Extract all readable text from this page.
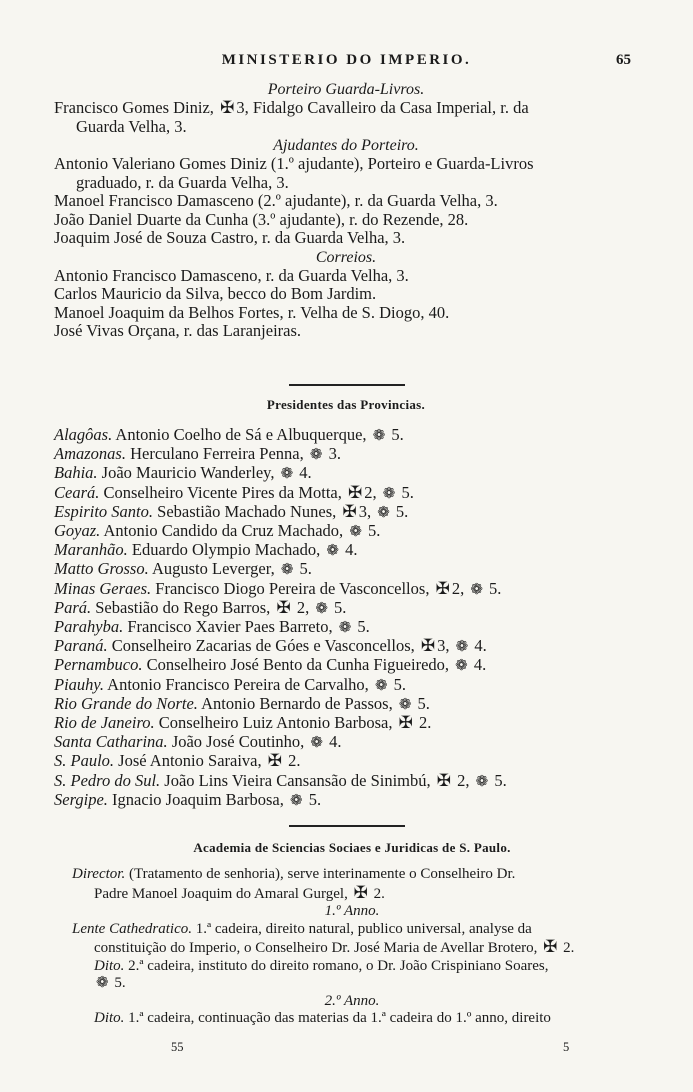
MINISTERIO DO IMPERIO.	65
Porteiro Guarda-Livros.
Francisco Gomes Diniz, ✠ 3, Fidalgo Cavalleiro da Casa Imperial, r. da
Guarda Velha, 3.
Ajudantes do Porteiro.
Antonio Valeriano Gomes Diniz (1.º ajudante), Porteiro e Guarda-Livros
graduado, r. da Guarda Velha, 3.
Manoel Francisco Damasceno (2.º ajudante), r. da Guarda Velha, 3.
João Daniel Duarte da Cunha (3.º ajudante), r. do Rezende, 28.
Joaquim José de Souza Castro, r. da Guarda Velha, 3.
Correios.
Antonio Francisco Damasceno, r. da Guarda Velha, 3.
Carlos Mauricio da Silva, becco do Bom Jardim.
Manoel Joaquim da Belhos Fortes, r. Velha de S. Diogo, 40.
José Vivas Orçana, r. das Laranjeiras.
Presidentes das Provincias.
Alagôas. Antonio Coelho de Sá e Albuquerque, ❁ 5.
Amazonas. Herculano Ferreira Penna, ❁ 3.
Bahia. João Mauricio Wanderley, ❁ 4.
Ceará. Conselheiro Vicente Pires da Motta, ✠ 2, ❁ 5.
Espirito Santo. Sebastião Machado Nunes, ✠ 3, ❁ 5.
Goyaz. Antonio Candido da Cruz Machado, ❁ 5.
Maranhão. Eduardo Olympio Machado, ❁ 4.
Matto Grosso. Augusto Leverger, ❁ 5.
Minas Geraes. Francisco Diogo Pereira de Vasconcellos, ✠ 2, ❁ 5.
Pará. Sebastião do Rego Barros, ✠ 2, ❁ 5.
Parahyba. Francisco Xavier Paes Barreto, ❁ 5.
Paraná. Conselheiro Zacarias de Góes e Vasconcellos, ✠ 3, ❁ 4.
Pernambuco. Conselheiro José Bento da Cunha Figueiredo, ❁ 4.
Piauhy. Antonio Francisco Pereira de Carvalho, ❁ 5.
Rio Grande do Norte. Antonio Bernardo de Passos, ❁ 5.
Rio de Janeiro. Conselheiro Luiz Antonio Barbosa, ✠ 2.
Santa Catharina. João José Coutinho, ❁ 4.
S. Paulo. José Antonio Saraiva, ✠ 2.
S. Pedro do Sul. João Lins Vieira Cansansão de Sinimbú, ✠ 2, ❁ 5.
Sergipe. Ignacio Joaquim Barbosa, ❁ 5.
Academia de Sciencias Sociaes e Juridicas de S. Paulo.
Director. (Tratamento de senhoria), serve interinamente o Conselheiro Dr.
Padre Manoel Joaquim do Amaral Gurgel, ✠ 2.
1.º Anno.
Lente Cathedratico. 1.ª cadeira, direito natural, publico universal, analyse da
constituição do Imperio, o Conselheiro Dr. José Maria de Avellar Brotero, ✠ 2.
Dito. 2.ª cadeira, instituto do direito romano, o Dr. João Crispiniano Soares,
❁ 5.
2.º Anno.
Dito. 1.ª cadeira, continuação das materias da 1.ª cadeira do 1.º anno, direito
55	5
